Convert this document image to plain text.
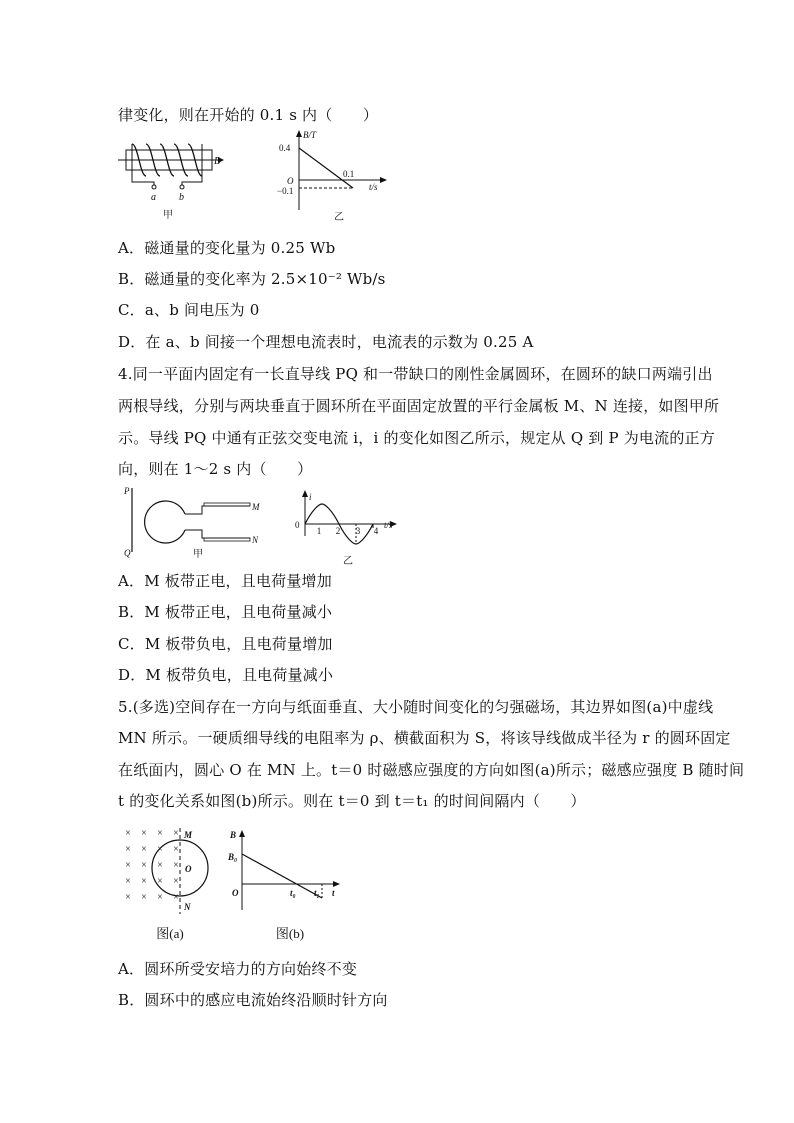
律变化，则在开始的 0.1 s 内（　　）
B
a b
甲
B/T
0.4
O
−0.1
0.1
t/s
乙
A．磁通量的变化量为 0.25 Wb
B．磁通量的变化率为 2.5×10⁻² Wb/s
C．a、b 间电压为 0
D．在 a、b 间接一个理想电流表时，电流表的示数为 0.25 A
4.同一平面内固定有一长直导线 PQ 和一带缺口的刚性金属圆环，在圆环的缺口两端引出
两根导线，分别与两块垂直于圆环所在平面固定放置的平行金属板 M、N 连接，如图甲所
示。导线 PQ 中通有正弦交变电流 i，i 的变化如图乙所示，规定从 Q 到 P 为电流的正方
向，则在 1～2 s 内（　　）
P
Q
M
N
甲
i
0
1 2 3 4
t/s
乙
A．M 板带正电，且电荷量增加
B．M 板带正电，且电荷量减小
C．M 板带负电，且电荷量增加
D．M 板带负电，且电荷量减小
5.(多选)空间存在一方向与纸面垂直、大小随时间变化的匀强磁场，其边界如图(a)中虚线
MN 所示。一硬质细导线的电阻率为 ρ、横截面积为 S，将该导线做成半径为 r 的圆环固定
在纸面内，圆心 O 在 MN 上。t＝0 时磁感应强度的方向如图(a)所示；磁感应强度 B 随时间
t 的变化关系如图(b)所示。则在 t＝0 到 t＝t₁ 的时间间隔内（　　）
× × × ×
× × × ×
× × × ×
× × × ×
× × × ×
M
N
O
图(a)
B
B₀
O	t₀ t₁ t
图(b)
A．圆环所受安培力的方向始终不变
B．圆环中的感应电流始终沿顺时针方向
